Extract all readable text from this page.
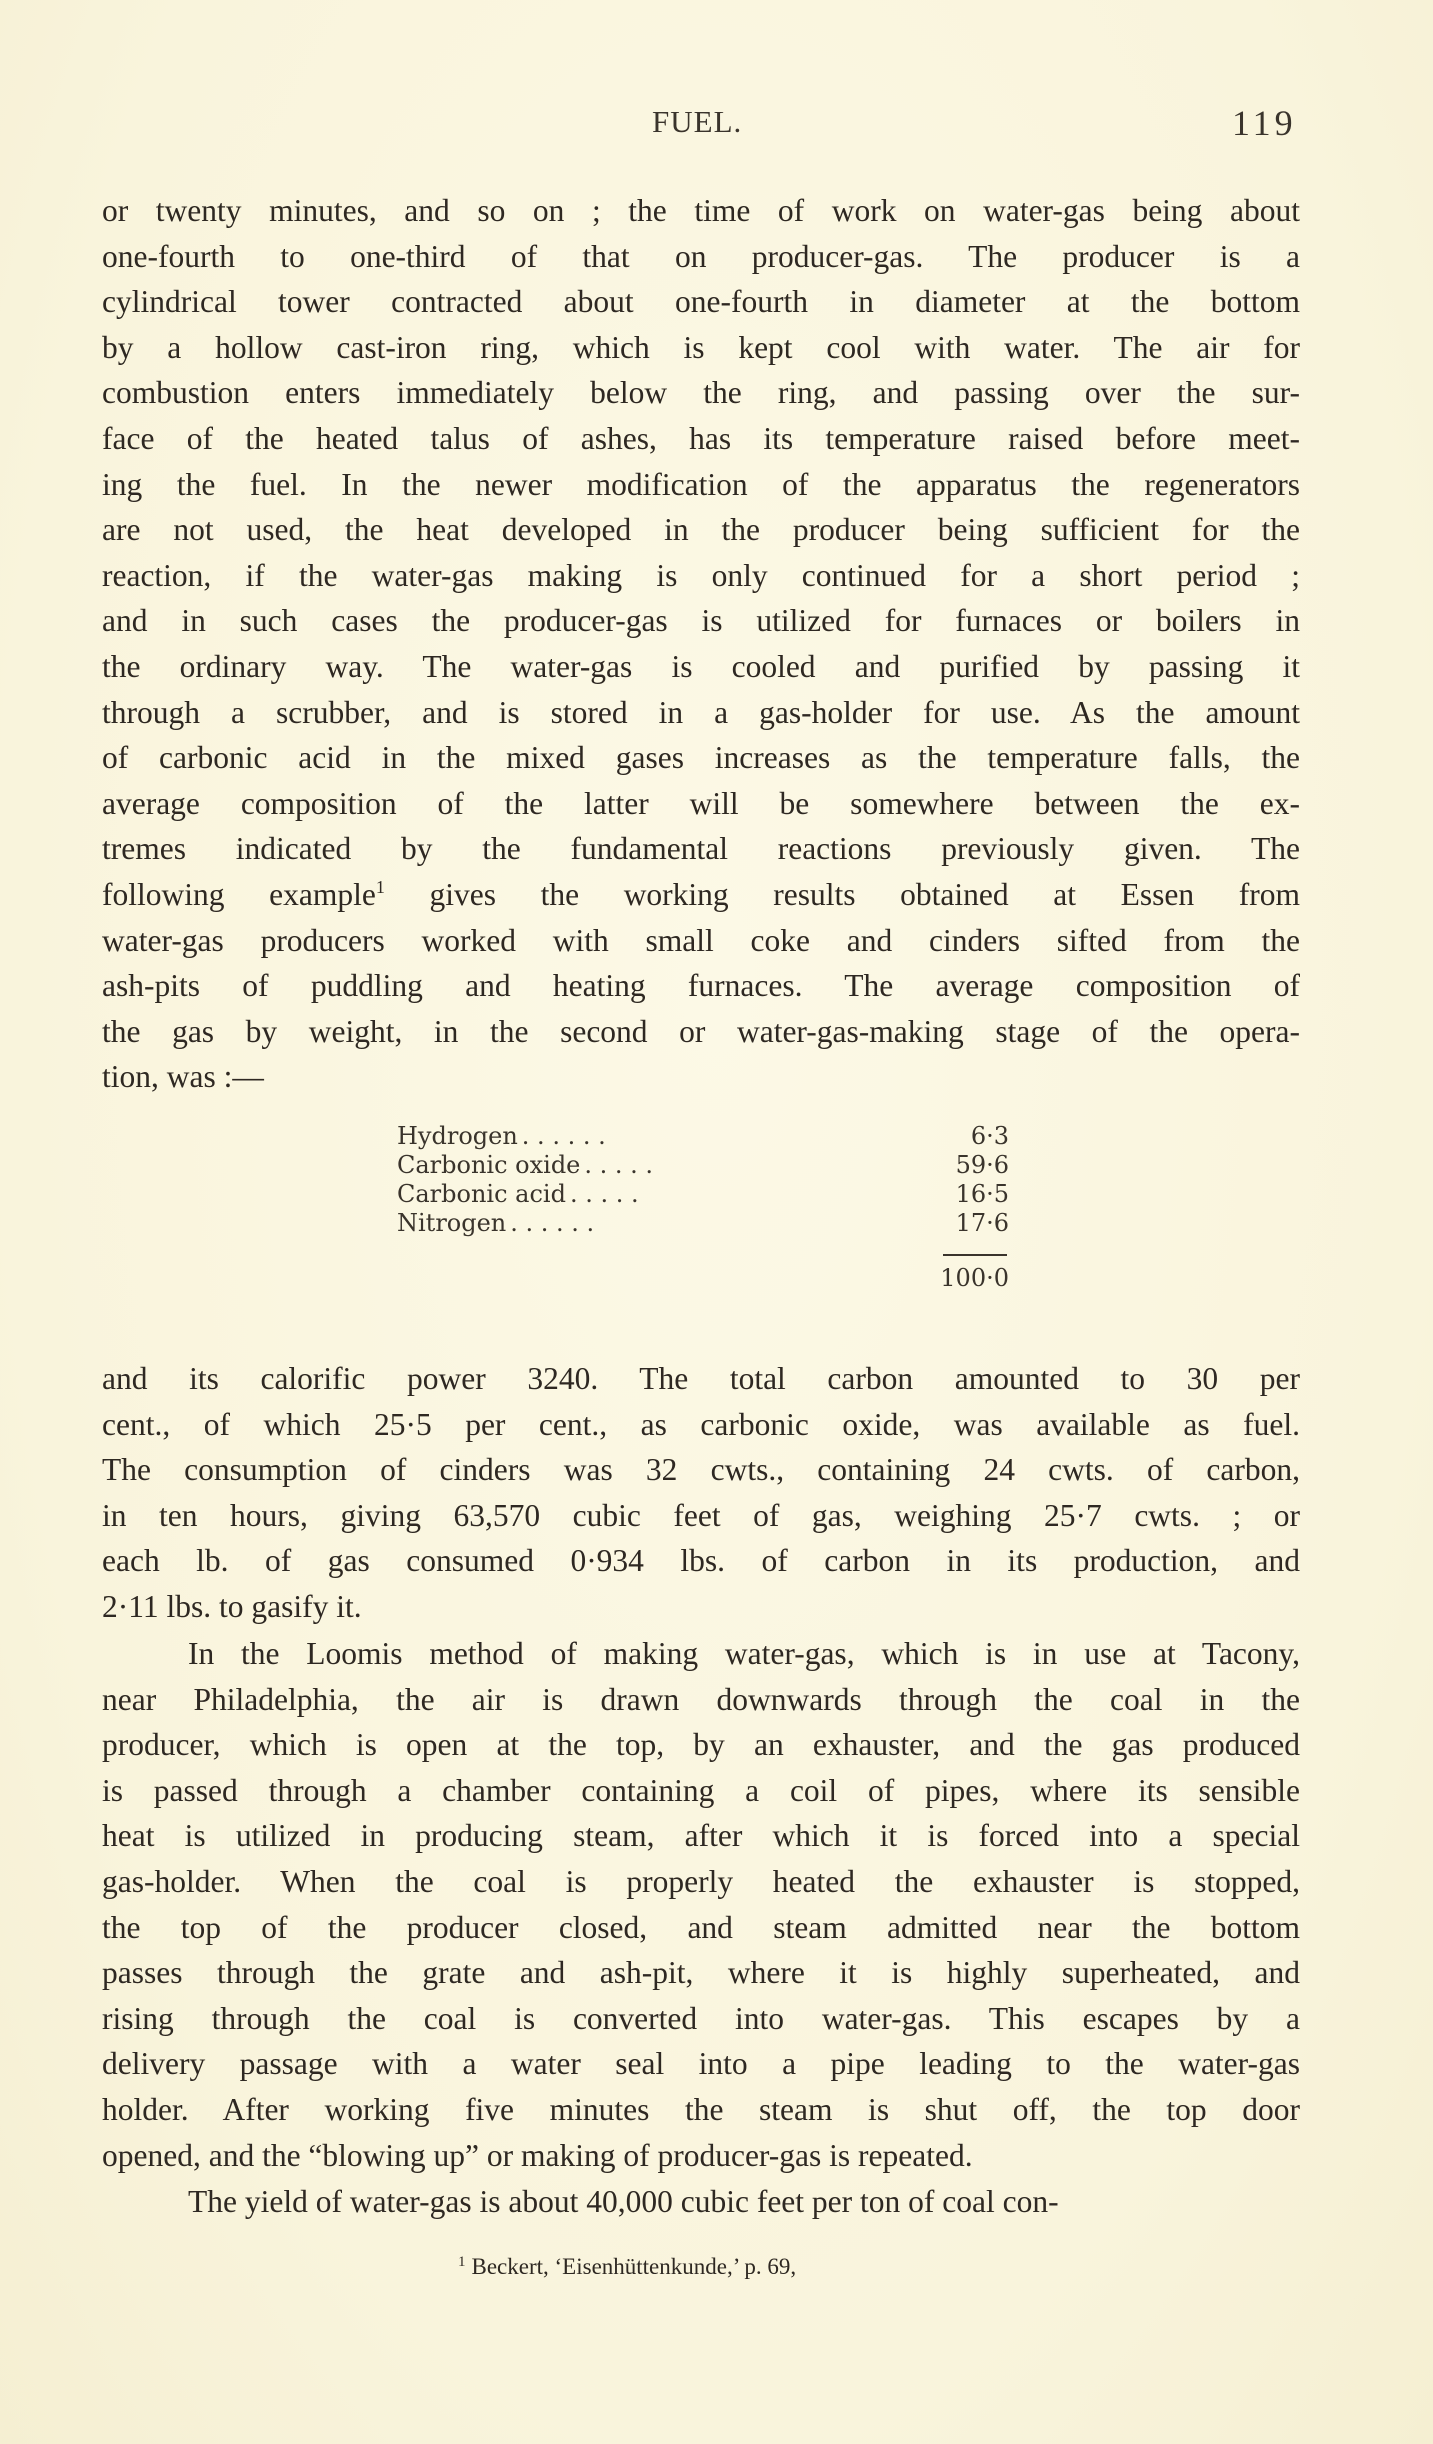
FUEL.	119
or twenty minutes, and so on ; the time of work on water-gas being about
one-fourth to one-third of that on producer-gas. The producer is a
cylindrical tower contracted about one-fourth in diameter at the bottom
by a hollow cast-iron ring, which is kept cool with water. The air for
combustion enters immediately below the ring, and passing over the sur-
face of the heated talus of ashes, has its temperature raised before meet-
ing the fuel. In the newer modification of the apparatus the regenerators
are not used, the heat developed in the producer being sufficient for the
reaction, if the water-gas making is only continued for a short period ;
and in such cases the producer-gas is utilized for furnaces or boilers in
the ordinary way. The water-gas is cooled and purified by passing it
through a scrubber, and is stored in a gas-holder for use. As the amount
of carbonic acid in the mixed gases increases as the temperature falls, the
average composition of the latter will be somewhere between the ex-
tremes indicated by the fundamental reactions previously given. The
following example$^1$ gives the working results obtained at Essen from
water-gas producers worked with small coke and cinders sifted from the
ash-pits of puddling and heating furnaces. The average composition of
the gas by weight, in the second or water-gas-making stage of the opera-
tion, was :—
Hydrogen . . . . . .	6·3
Carbonic oxide . . . . .	59·6
Carbonic acid . . . . .	16·5
Nitrogen . . . . . .	17·6
100·0
and its calorific power 3240. The total carbon amounted to 30 per
cent., of which 25·5 per cent., as carbonic oxide, was available as fuel.
The consumption of cinders was 32 cwts., containing 24 cwts. of carbon,
in ten hours, giving 63,570 cubic feet of gas, weighing 25·7 cwts. ; or
each lb. of gas consumed 0·934 lbs. of carbon in its production, and
2·11 lbs. to gasify it.
In the Loomis method of making water-gas, which is in use at Tacony,
near Philadelphia, the air is drawn downwards through the coal in the
producer, which is open at the top, by an exhauster, and the gas produced
is passed through a chamber containing a coil of pipes, where its sensible
heat is utilized in producing steam, after which it is forced into a special
gas-holder. When the coal is properly heated the exhauster is stopped,
the top of the producer closed, and steam admitted near the bottom
passes through the grate and ash-pit, where it is highly superheated, and
rising through the coal is converted into water-gas. This escapes by a
delivery passage with a water seal into a pipe leading to the water-gas
holder. After working five minutes the steam is shut off, the top door
opened, and the “blowing up” or making of producer-gas is repeated.
The yield of water-gas is about 40,000 cubic feet per ton of coal con-
$^1$ Beckert, ‘Eisenhüttenkunde,’ p. 69,
